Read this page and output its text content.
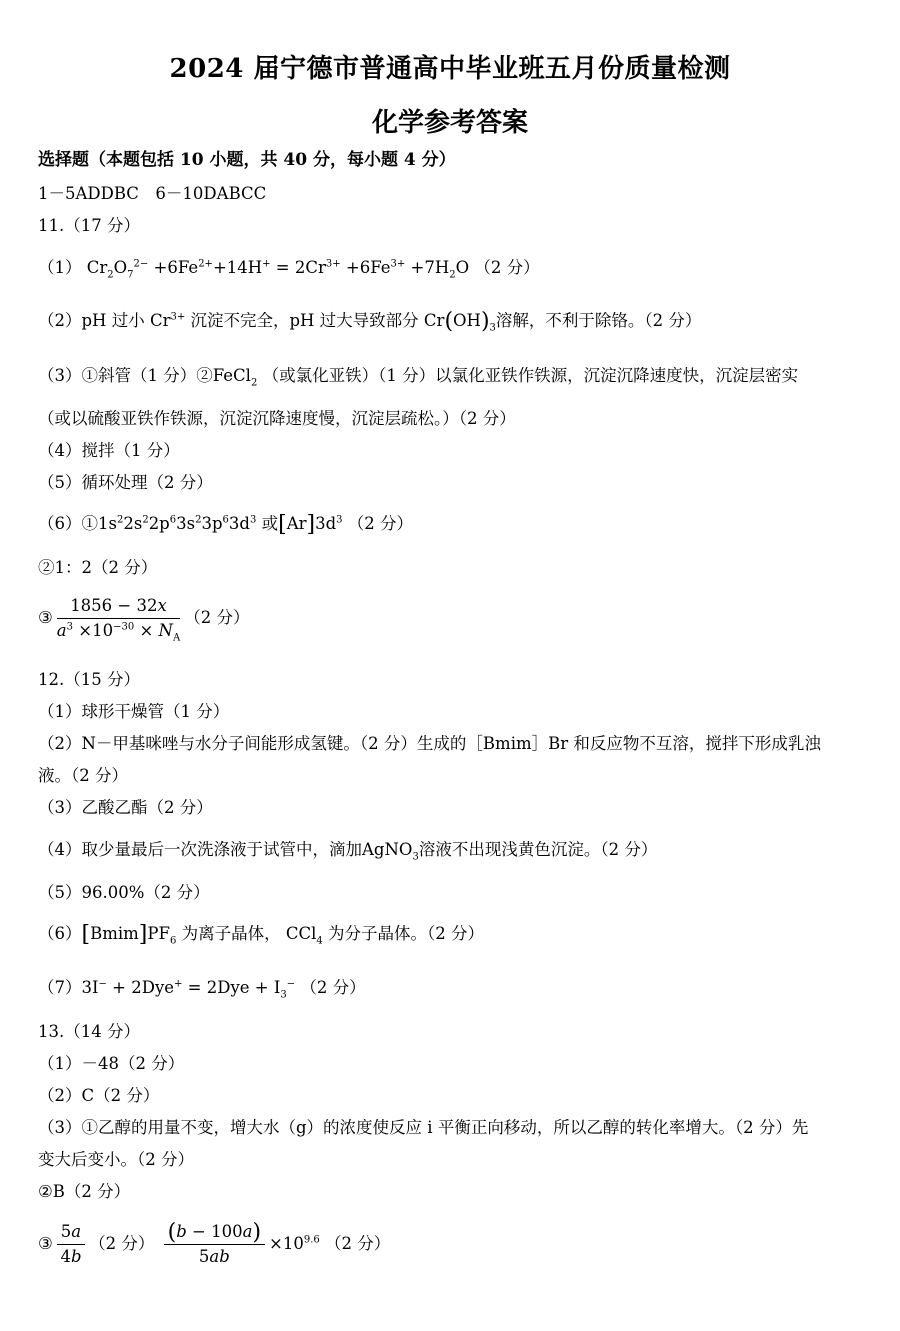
2024 届宁德市普通高中毕业班五月份质量检测
化学参考答案
选择题（本题包括 10 小题，共 40 分，每小题 4 分）
1－5ADDBC　6－10DABCC
11.（17 分）
（1） $Cr_2O_7^{2-} +6Fe^{2+}+14H^+ = 2Cr^{3+} +6Fe^{3+} +7H_2O$ （2 分）
（2）pH 过小 $Cr^{3+}$ 沉淀不完全，pH 过大导致部分 $Cr(OH)_3$溶解，不利于除铬。（2 分）
（3）①斜管（1 分）②FeCl$_2$ （或氯化亚铁）（1 分）以氯化亚铁作铁源，沉淀沉降速度快，沉淀层密实
（或以硫酸亚铁作铁源，沉淀沉降速度慢，沉淀层疏松。）（2 分）
（4）搅拌（1 分）
（5）循环处理（2 分）
$(6)①1s^22s^22p^63s^23p^63d^3$ 或$[Ar]3d^3$ （2 分）
②1：2（2 分）
③ $\frac{1856 - 32x}{a^3 \times 10^{-30} \times N_A} (2$ 分）
12.（15 分）
（1）球形干燥管（1 分）
（2）N－甲基咪唑与水分子间能形成氢键。（2 分）生成的［Bmim］Br 和反应物不互溶，搅拌下形成乳浊
液。（2 分）
（3）乙酸乙酯（2 分）
（4）取少量最后一次洗涤液于试管中，滴加AgNO$_3$溶液不出现浅黄色沉淀。（2 分）
（5）96.00%（2 分）
$(6)[Bmim]PF_6$ 为离子晶体， CCl$_4$ 为分子晶体。（2 分）
$(7)3I^- + 2Dye^+ = 2Dye + I_3^-$ （2 分）
13.（14 分）
（1）－48（2 分）
（2）C（2 分）
（3）①乙醇的用量不变，增大水（g）的浓度使反应 i 平衡正向移动，所以乙醇的转化率增大。（2 分）先
变大后变小。（2 分）
②B（2 分）
③ $\frac{5a}{4b} (2$ 分） $\frac{(b - 100a)}{5ab} \times 10^{9.6}$ （2 分）
